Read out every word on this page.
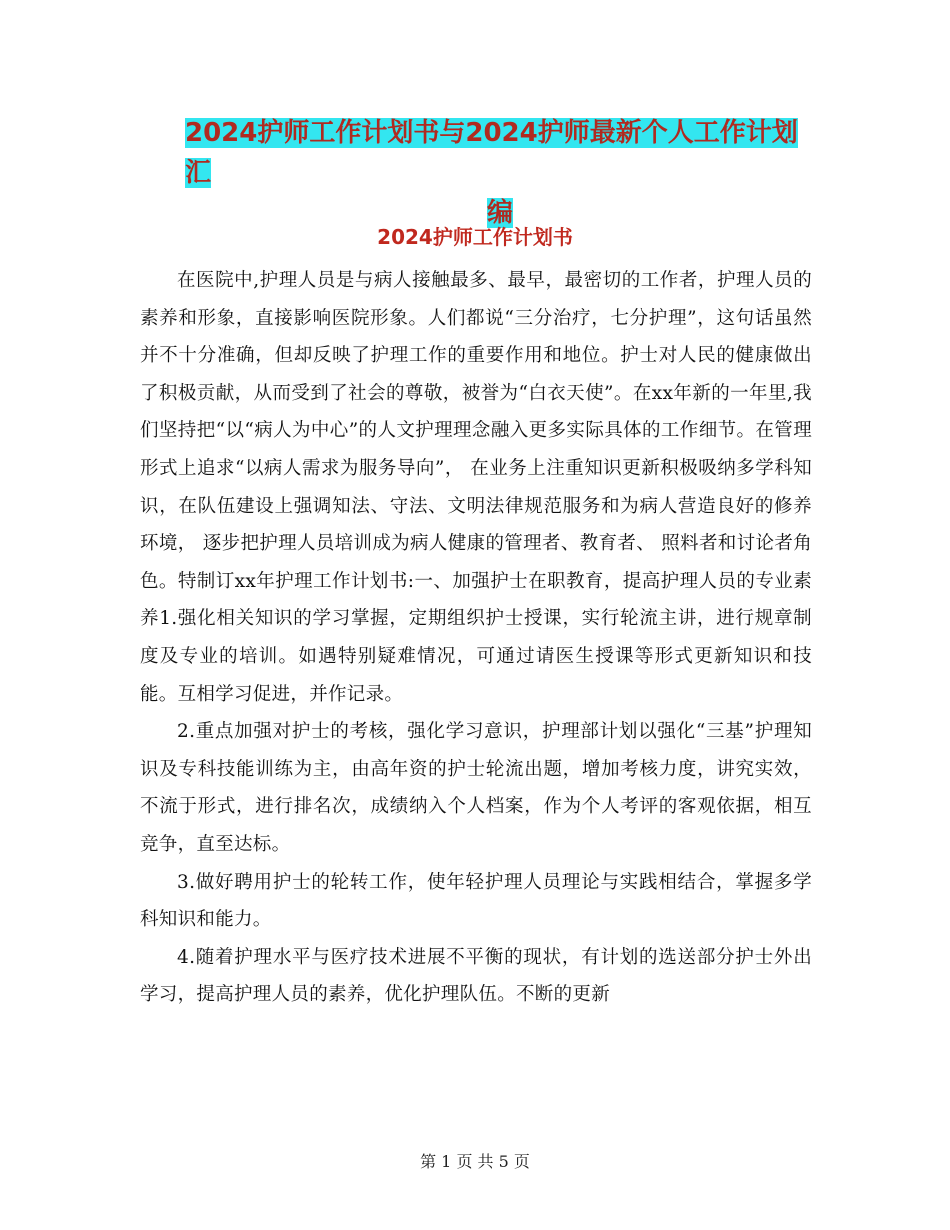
2024护师工作计划书与2024护师最新个人工作计划汇
编
2024护师工作计划书

在医院中,护理人员是与病人接触最多、最早，最密切的工作者，护理人员的素养和形象，直接影响医院形象。人们都说“三分治疗，七分护理”，这句话虽然并不十分准确，但却反映了护理工作的重要作用和地位。护士对人民的健康做出了积极贡献，从而受到了社会的尊敬，被誉为“白衣天使”。在xx年新的一年里,我们坚持把“以“病人为中心”的人文护理理念融入更多实际具体的工作细节。在管理形式上追求“以病人需求为服务导向”， 在业务上注重知识更新积极吸纳多学科知识，在队伍建设上强调知法、守法、文明法律规范服务和为病人营造良好的修养环境， 逐步把护理人员培训成为病人健康的管理者、教育者、 照料者和讨论者角色。特制订xx年护理工作计划书:一、加强护士在职教育，提高护理人员的专业素养1.强化相关知识的学习掌握，定期组织护士授课，实行轮流主讲，进行规章制度及专业的培训。如遇特别疑难情况，可通过请医生授课等形式更新知识和技能。互相学习促进，并作记录。

2.重点加强对护士的考核，强化学习意识，护理部计划以强化“三基”护理知识及专科技能训练为主，由高年资的护士轮流出题，增加考核力度，讲究实效，不流于形式，进行排名次，成绩纳入个人档案，作为个人考评的客观依据，相互竞争，直至达标。

3.做好聘用护士的轮转工作，使年轻护理人员理论与实践相结合，掌握多学科知识和能力。

4.随着护理水平与医疗技术进展不平衡的现状，有计划的选送部分护士外出学习，提高护理人员的素养，优化护理队伍。不断的更新

第 1 页 共 5 页
